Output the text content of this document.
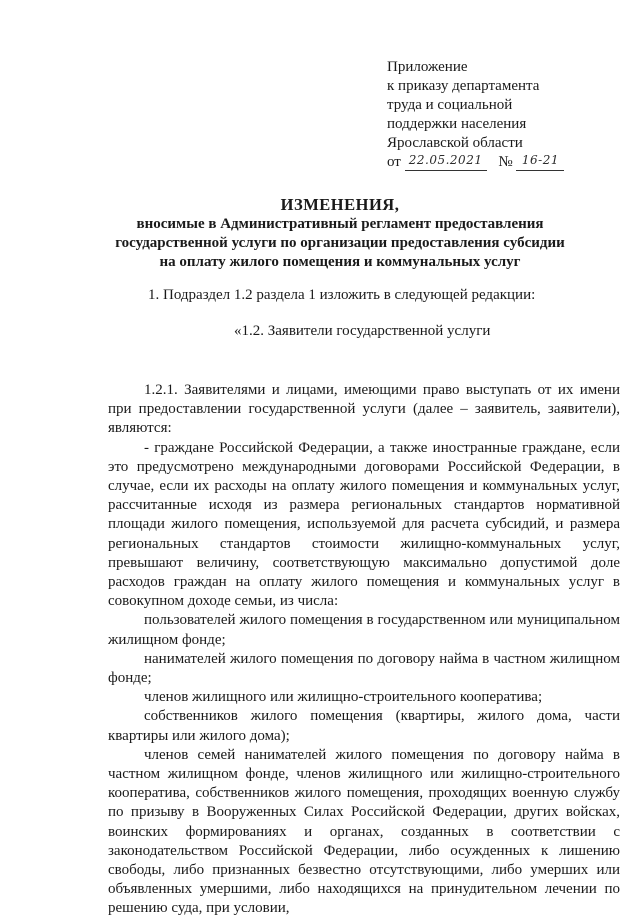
Приложение
к приказу департамента
труда и социальной
поддержки населения
Ярославской области
от 22.05.2021 № 16-21
ИЗМЕНЕНИЯ,
вносимые в Административный регламент предоставления
государственной услуги по организации предоставления субсидии
на оплату жилого помещения и коммунальных услуг

1. Подраздел 1.2 раздела 1 изложить в следующей редакции:

«1.2. Заявители государственной услуги

1.2.1. Заявителями и лицами, имеющими право выступать от их имени при предоставлении государственной услуги (далее – заявитель, заявители), являются:

- граждане Российской Федерации, а также иностранные граждане, если это предусмотрено международными договорами Российской Федерации, в случае, если их расходы на оплату жилого помещения и коммунальных услуг, рассчитанные исходя из размера региональных стандартов нормативной площади жилого помещения, используемой для расчета субсидий, и размера региональных стандартов стоимости жилищно-коммунальных услуг, превышают величину, соответствующую максимально допустимой доле расходов граждан на оплату жилого помещения и коммунальных услуг в совокупном доходе семьи, из числа:

пользователей жилого помещения в государственном или муниципальном жилищном фонде;

нанимателей жилого помещения по договору найма в частном жилищном фонде;

членов жилищного или жилищно-строительного кооператива;

собственников жилого помещения (квартиры, жилого дома, части квартиры или жилого дома);

членов семей нанимателей жилого помещения по договору найма в частном жилищном фонде, членов жилищного или жилищно-строительного кооператива, собственников жилого помещения, проходящих военную службу по призыву в Вооруженных Силах Российской Федерации, других войсках, воинских формированиях и органах, созданных в соответствии с законодательством Российской Федерации, либо осужденных к лишению свободы, либо признанных безвестно отсутствующими, либо умерших или объявленных умершими, либо находящихся на принудительном лечении по решению суда, при условии,
